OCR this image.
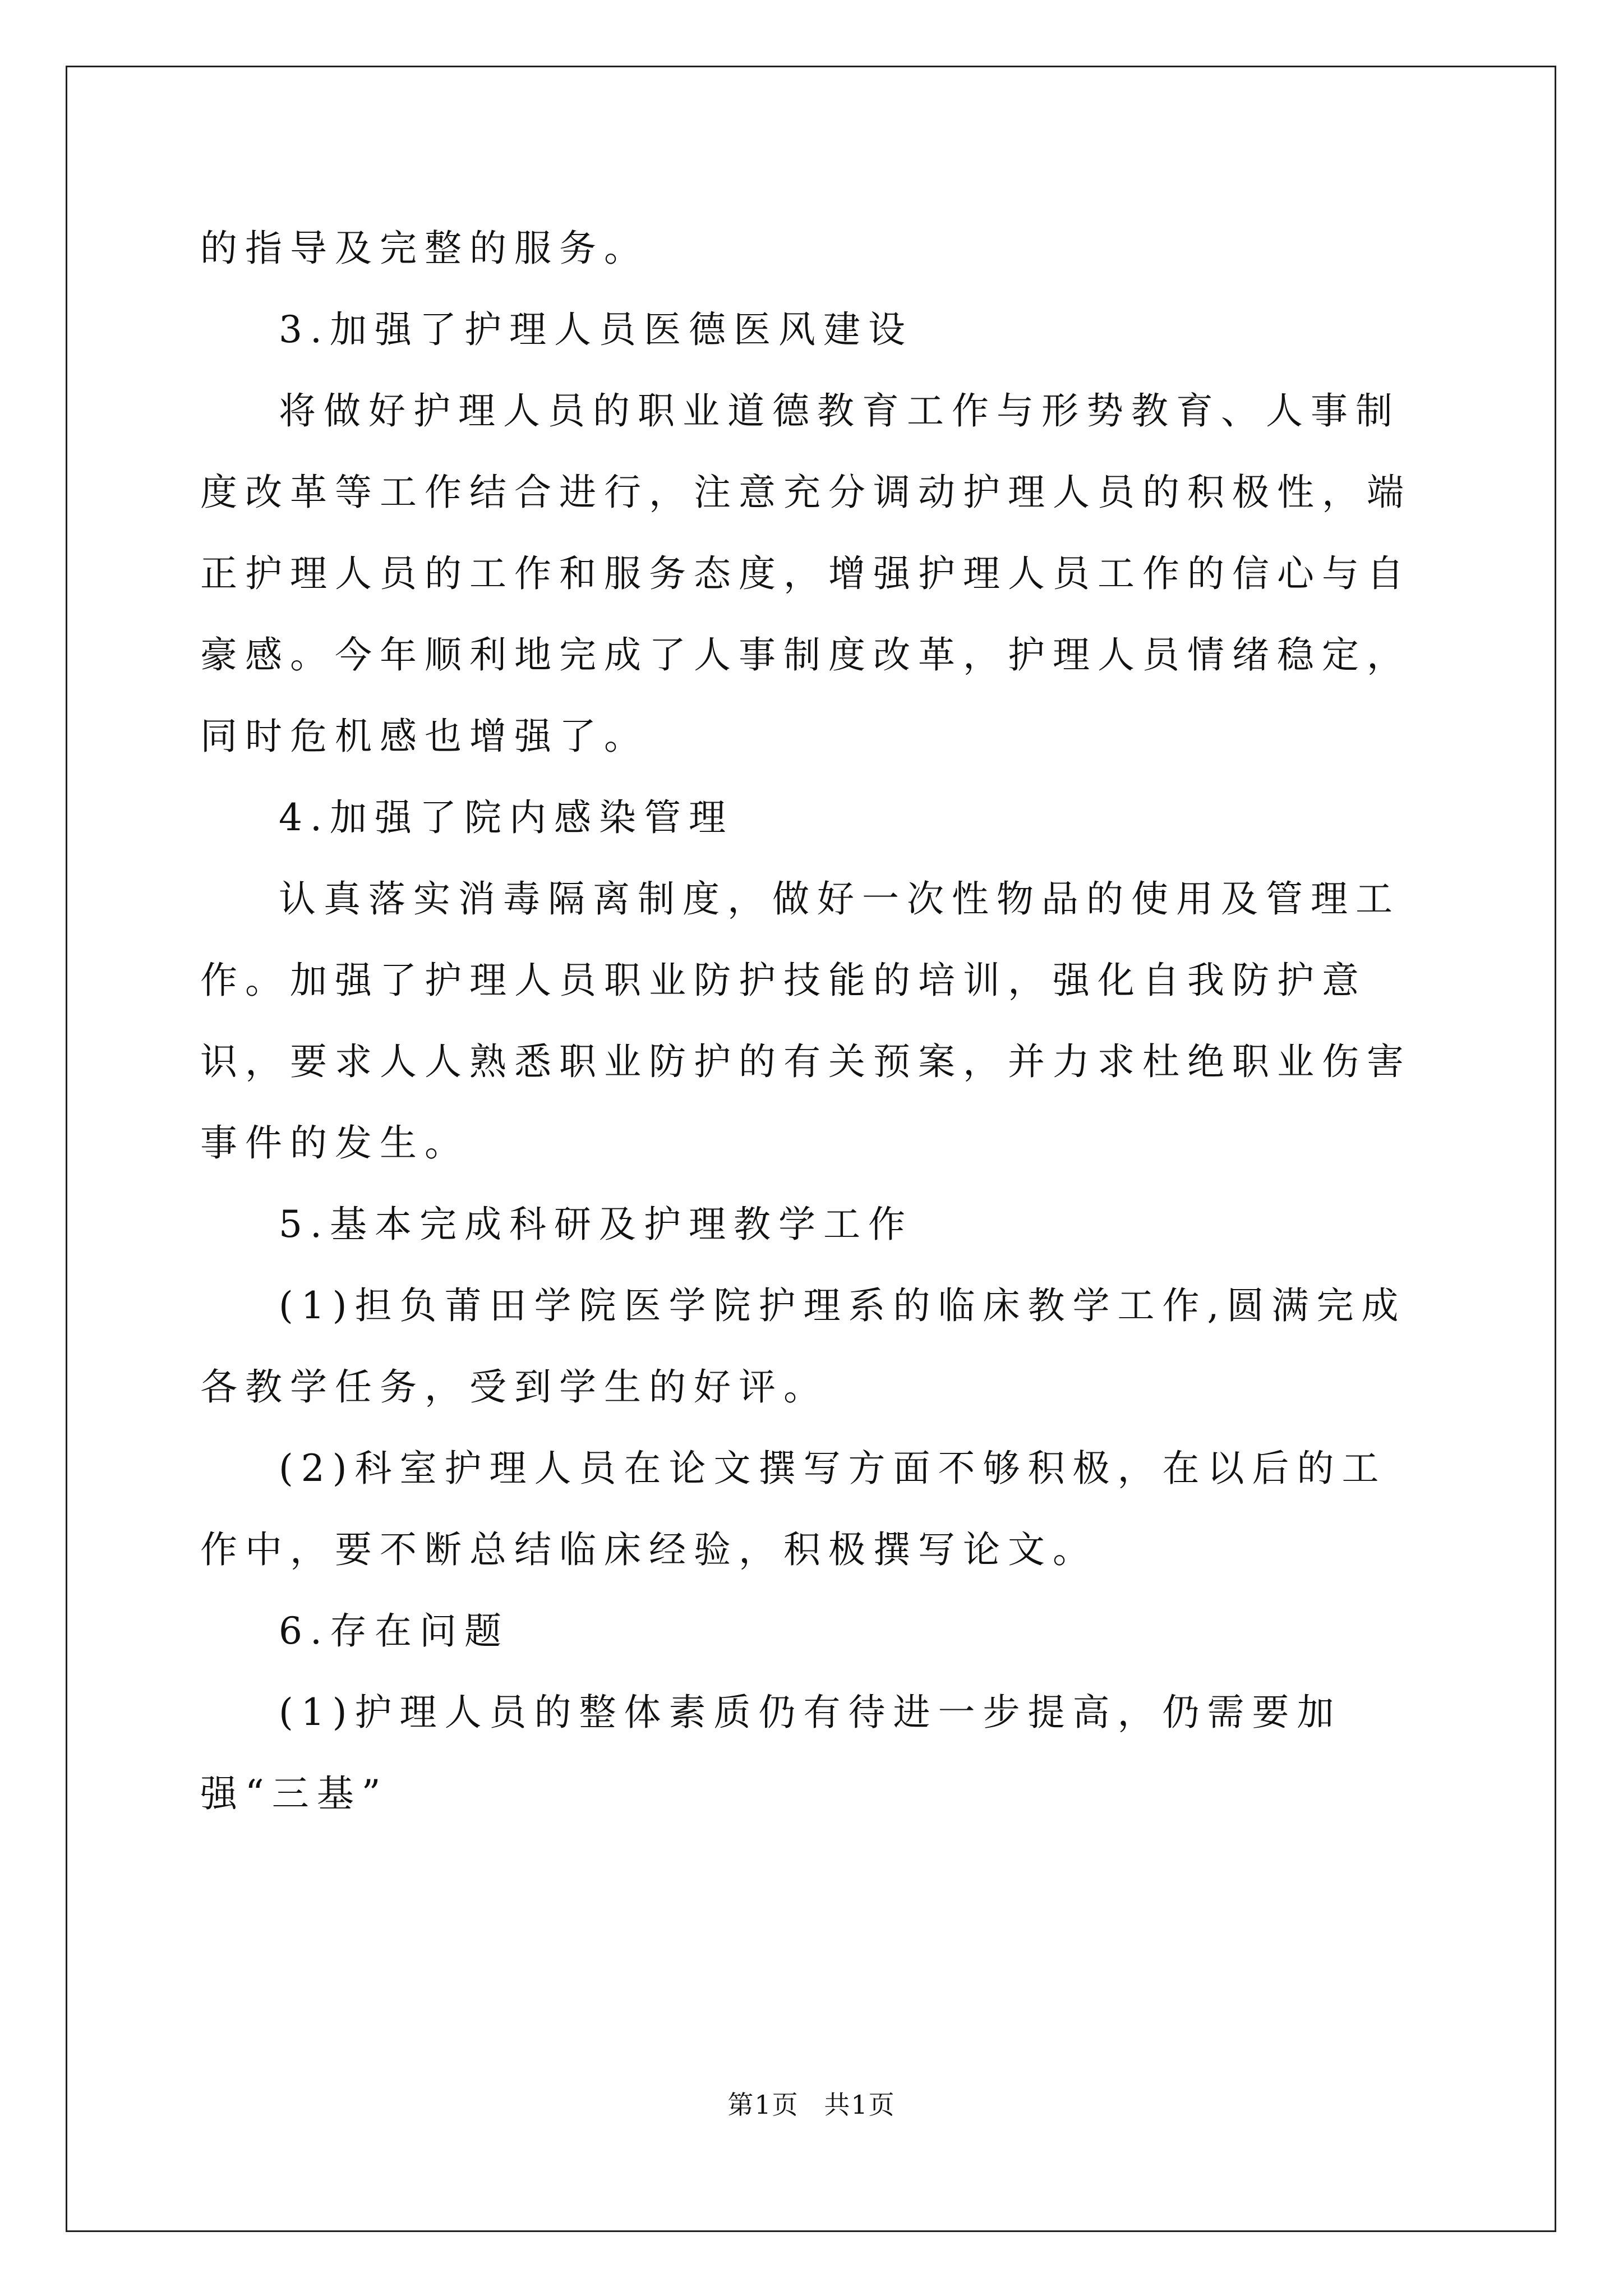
的指导及完整的服务。

3.加强了护理人员医德医风建设

将做好护理人员的职业道德教育工作与形势教育、人事制度改革等工作结合进行，注意充分调动护理人员的积极性，端正护理人员的工作和服务态度，增强护理人员工作的信心与自豪感。今年顺利地完成了人事制度改革，护理人员情绪稳定，同时危机感也增强了。

4.加强了院内感染管理

认真落实消毒隔离制度，做好一次性物品的使用及管理工作。加强了护理人员职业防护技能的培训，强化自我防护意识，要求人人熟悉职业防护的有关预案，并力求杜绝职业伤害事件的发生。

5.基本完成科研及护理教学工作

(1)担负莆田学院医学院护理系的临床教学工作,圆满完成各教学任务，受到学生的好评。

(2)科室护理人员在论文撰写方面不够积极，在以后的工作中，要不断总结临床经验，积极撰写论文。

6.存在问题

(1)护理人员的整体素质仍有待进一步提高，仍需要加强“三基”

第1页 共1页
